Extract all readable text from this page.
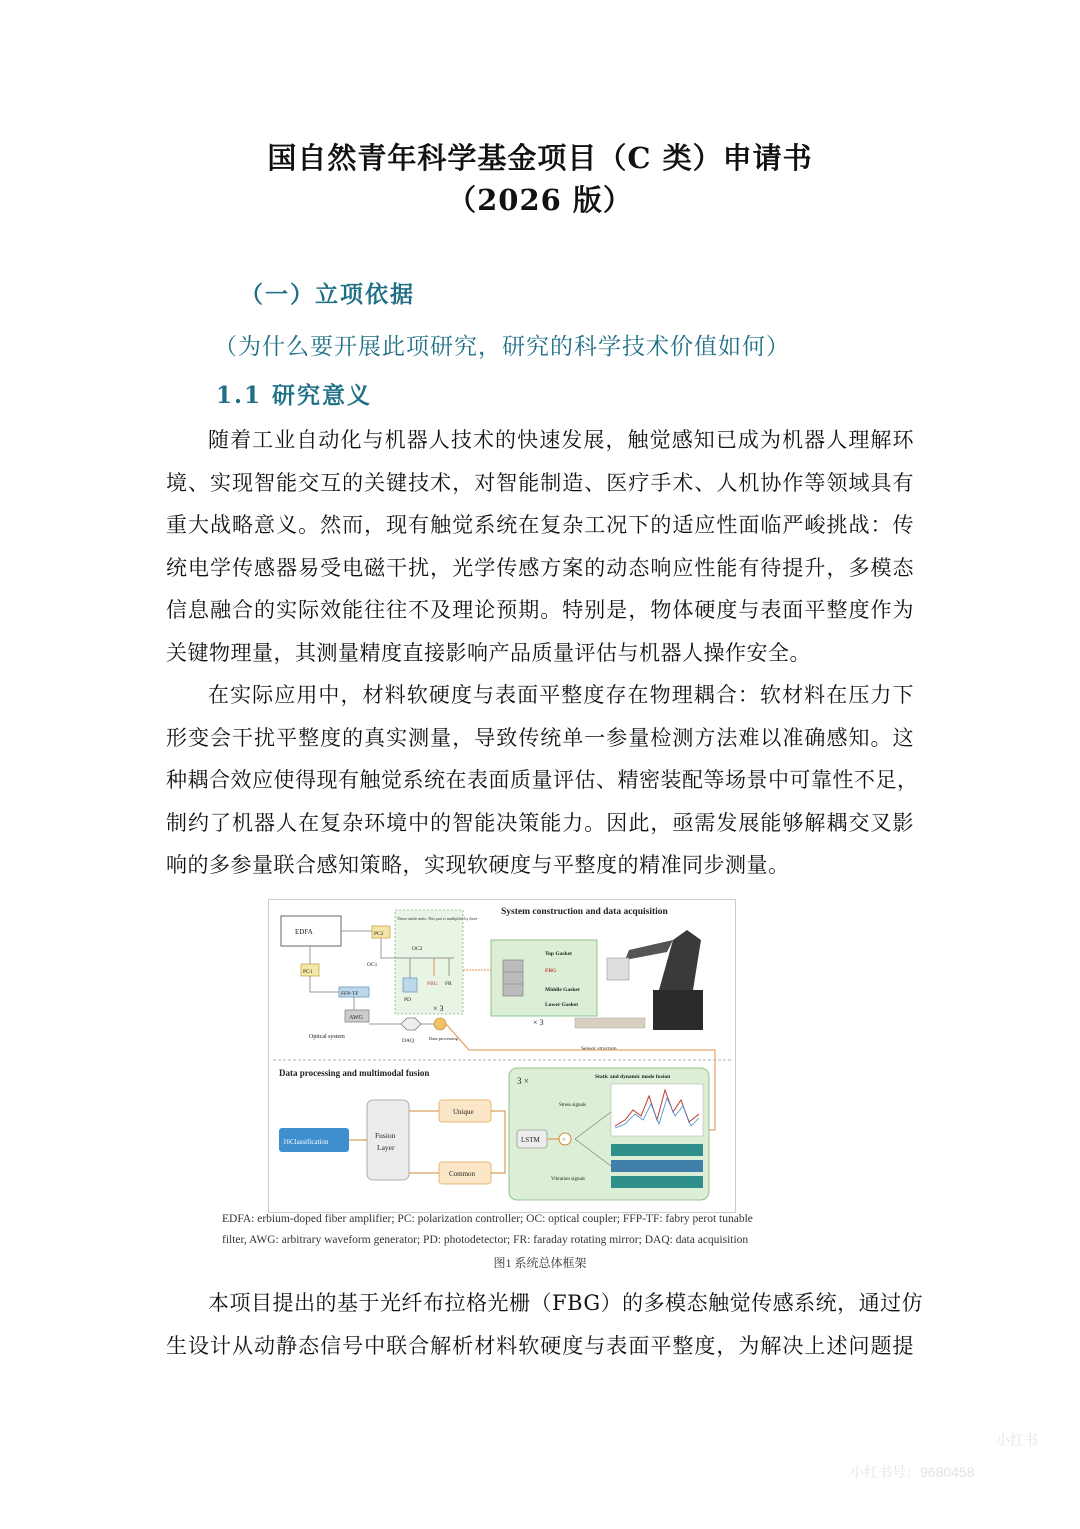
国自然青年科学基金项目（C 类）申请书
（2026 版）
（一）立项依据
（为什么要开展此项研究，研究的科学技术价值如何）
1.1 研究意义
随着工业自动化与机器人技术的快速发展，触觉感知已成为机器人理解环
境、实现智能交互的关键技术，对智能制造、医疗手术、人机协作等领域具有
重大战略意义。然而，现有触觉系统在复杂工况下的适应性面临严峻挑战：传
统电学传感器易受电磁干扰，光学传感方案的动态响应性能有待提升，多模态
信息融合的实际效能往往不及理论预期。特别是，物体硬度与表面平整度作为
关键物理量，其测量精度直接影响产品质量评估与机器人操作安全。
在实际应用中，材料软硬度与表面平整度存在物理耦合：软材料在压力下
形变会干扰平整度的真实测量，导致传统单一参量检测方法难以准确感知。这
种耦合效应使得现有触觉系统在表面质量评估、精密装配等场景中可靠性不足，
制约了机器人在复杂环境中的智能决策能力。因此，亟需发展能够解耦交叉影
响的多参量联合感知策略，实现软硬度与平整度的精准同步测量。
System construction and data acquisition
EDFA	PC2
PC1
OC1
FFP-TF
AWG
Optical system
These inside units; This part is multiplied by three
OC2
PD
FBG FR
× 3
DAQ	Data processing
Top Gasket
FBG
Middle Gasket
Lower Gasket
× 3
Sensor structure
Data processing and multimodal fusion
16Classification
Fusion
Layer
Unique
Common
3 ×	Static and dynamic mode fusion
LSTM	×
Stress signals
Vibration signals
EDFA: erbium-doped fiber amplifier; PC: polarization controller; OC: optical coupler; FFP-TF: fabry perot tunable
filter, AWG: arbitrary waveform generator; PD: photodetector; FR: faraday rotating mirror; DAQ: data acquisition
图1 系统总体框架
本项目提出的基于光纤布拉格光栅（FBG）的多模态触觉传感系统，通过仿
生设计从动静态信号中联合解析材料软硬度与表面平整度，为解决上述问题提
小红书
小红书号：9680458
